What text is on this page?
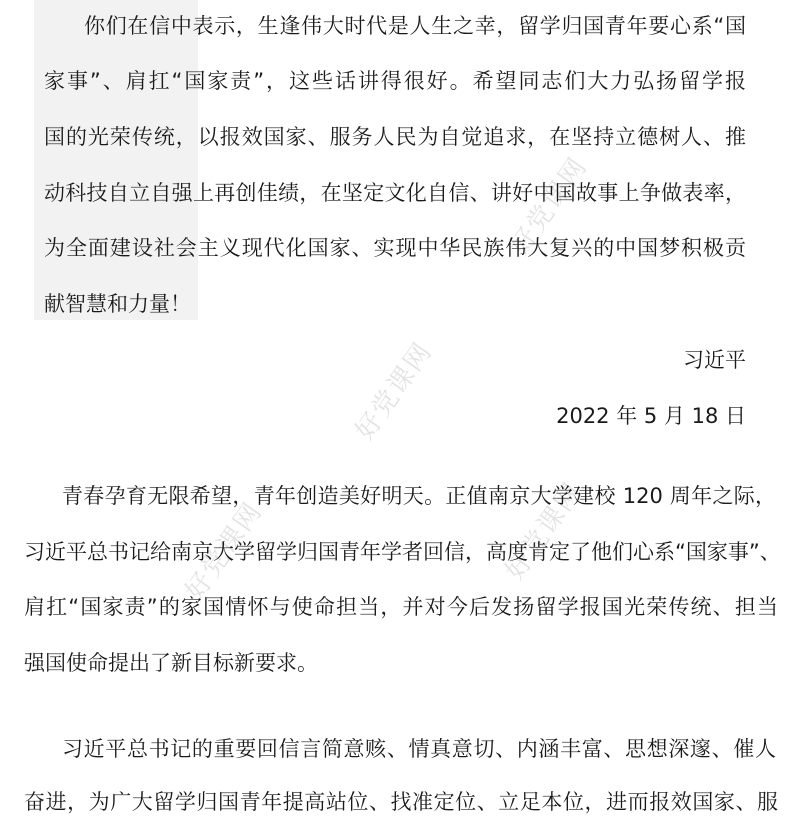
好党课网
好党课网
好党课网	好党课网
你们在信中表示，生逢伟大时代是人生之幸，留学归国青年要心系“国
家事”、肩扛“国家责”，这些话讲得很好。希望同志们大力弘扬留学报
国的光荣传统，以报效国家、服务人民为自觉追求，在坚持立德树人、推
动科技自立自强上再创佳绩，在坚定文化自信、讲好中国故事上争做表率，
为全面建设社会主义现代化国家、实现中华民族伟大复兴的中国梦积极贡
献智慧和力量！
习近平
2022 年 5 月 18 日
青春孕育无限希望，青年创造美好明天。正值南京大学建校 120 周年之际，
习近平总书记给南京大学留学归国青年学者回信，高度肯定了他们心系“国家事”、
肩扛“国家责”的家国情怀与使命担当，并对今后发扬留学报国光荣传统、担当
强国使命提出了新目标新要求。
习近平总书记的重要回信言简意赅、情真意切、内涵丰富、思想深邃、催人
奋进，为广大留学归国青年提高站位、找准定位、立足本位，进而报效国家、服
